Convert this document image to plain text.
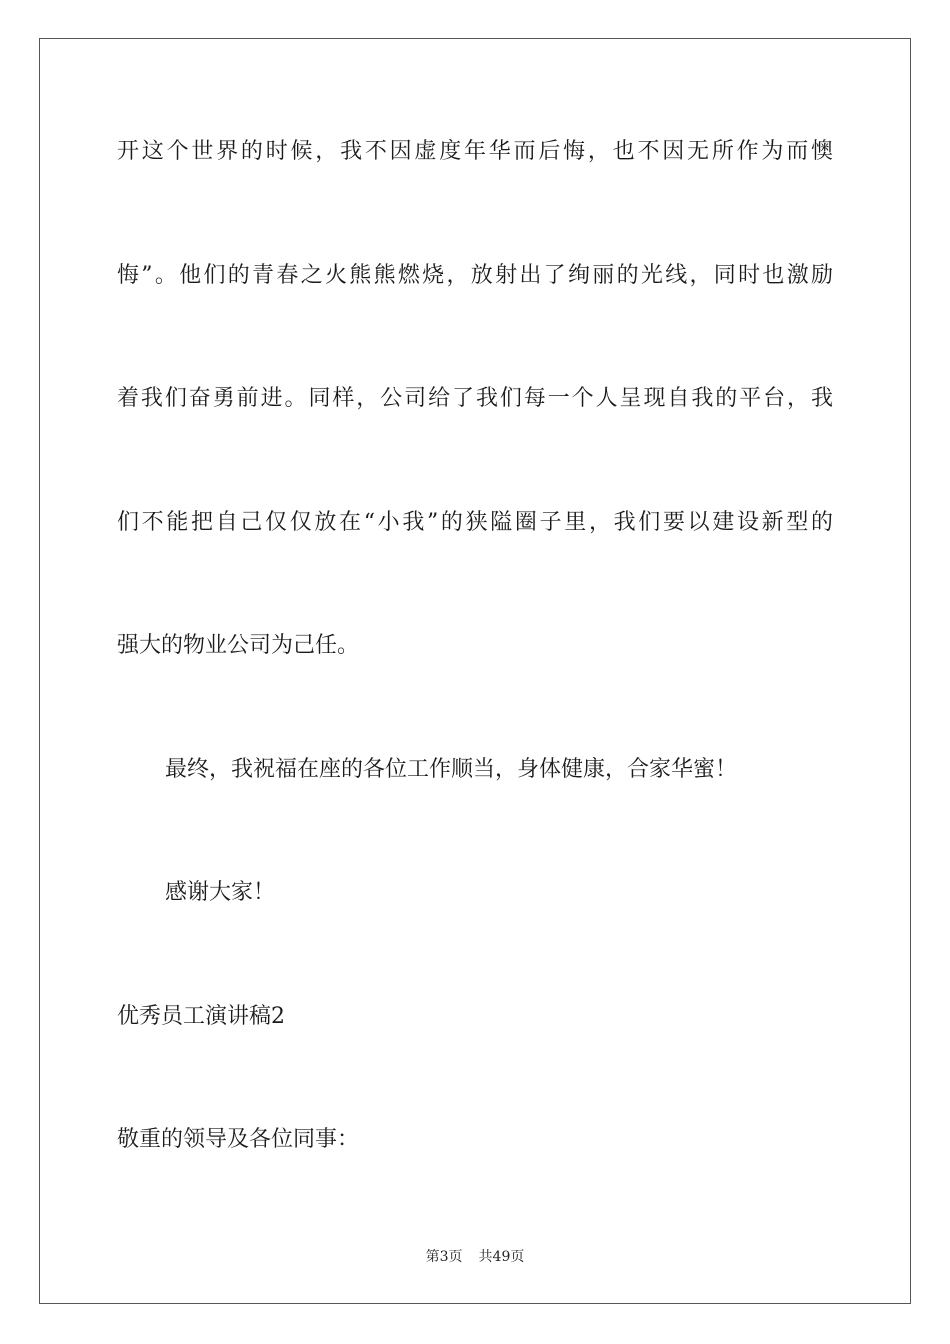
开这个世界的时候，我不因虚度年华而后悔，也不因无所作为而懊
悔”。他们的青春之火熊熊燃烧，放射出了绚丽的光线，同时也激励
着我们奋勇前进。同样，公司给了我们每一个人呈现自我的平台，我
们不能把自己仅仅放在“小我”的狭隘圈子里，我们要以建设新型的
强大的物业公司为己任。
最终，我祝福在座的各位工作顺当，身体健康，合家华蜜！
感谢大家！
优秀员工演讲稿2
敬重的领导及各位同事：
第3页 共49页
